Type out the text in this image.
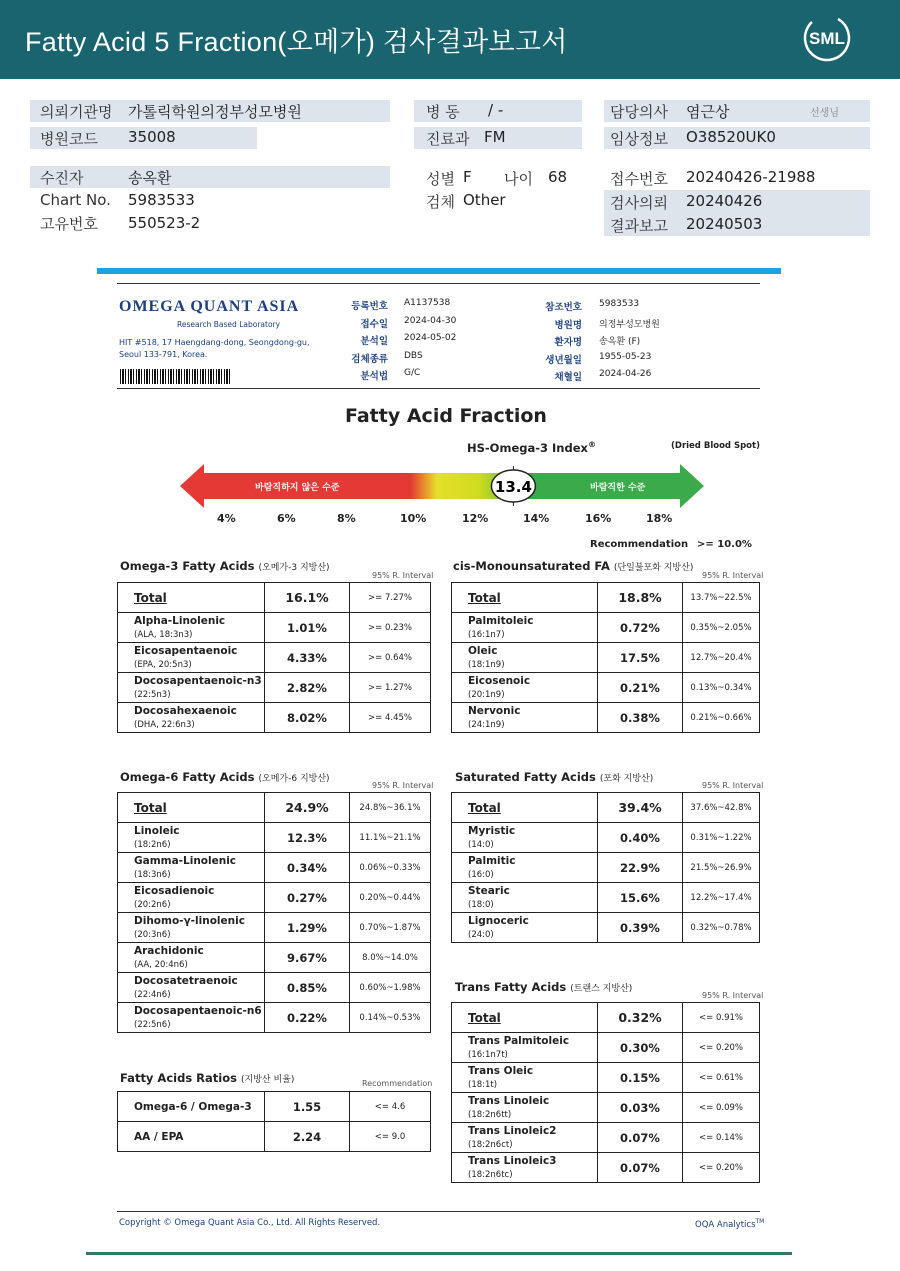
Fatty Acid 5 Fraction(오메가) 검사결과보고서	SML
의뢰기관명 가톨릭학원의정부성모병원
병원코드 35008
수진자	송옥환
Chart No. 5983533
고유번호 550523-2
병 동 / -
진료과 FM
성별 F 나이 68
검체 Other
담당의사 염근상	선생님
임상정보 O38520UK0
접수번호 20240426-21988
검사의뢰 20240426
결과보고 20240503
OMEGA QUANT ASIA
Research Based Laboratory
HIT #518, 17 Haengdang-dong, Seongdong-gu,
Seoul 133-791, Korea.
등록번호 A1137538
접수일 2024-04-30
분석일 2024-05-02
검체종류 DBS
분석법 G/C
참조번호 5983533
병원명 의정부성모병원
환자명 송옥환 (F)
생년월일 1955-05-23
채혈일 2024-04-26
Fatty Acid Fraction
HS-Omega-3 Index®	(Dried Blood Spot)
바람직하지 않은 수준	바람직한 수준
13.4
4%	6%	8%	10%	12%	14%	16%	18%
Recommendation >= 10.0%
Omega-3 Fatty Acids (오메가-3 지방산)
95% R. Interval
Total	16.1%	>= 7.27%

Alpha-Linolenic
(ALA, 18:3n3)	1.01%	>= 0.23%

Eicosapentaenoic
(EPA, 20:5n3)	4.33%	>= 0.64%

Docosapentaenoic-n3
(22:5n3)	2.82%	>= 1.27%

Docosahexaenoic
(DHA, 22:6n3)	8.02%	>= 4.45%
cis-Monounsaturated FA (단일불포화 지방산)
95% R. Interval
Total	18.8%	13.7%~22.5%

Palmitoleic
(16:1n7)	0.72%	0.35%~2.05%

Oleic
(18:1n9)	17.5%	12.7%~20.4%

Eicosenoic
(20:1n9)	0.21%	0.13%~0.34%

Nervonic
(24:1n9)	0.38%	0.21%~0.66%
Omega-6 Fatty Acids (오메가-6 지방산)
95% R. Interval
Total	24.9%	24.8%~36.1%

Linoleic
(18:2n6)	12.3%	11.1%~21.1%

Gamma-Linolenic
(18:3n6)	0.34%	0.06%~0.33%

Eicosadienoic
(20:2n6)	0.27%	0.20%~0.44%

Dihomo-γ-linolenic
(20:3n6)	1.29%	0.70%~1.87%

Arachidonic
(AA, 20:4n6)	9.67%	8.0%~14.0%

Docosatetraenoic
(22:4n6)	0.85%	0.60%~1.98%

Docosapentaenoic-n6
(22:5n6)	0.22%	0.14%~0.53%
Saturated Fatty Acids (포화 지방산)
95% R. Interval
Total	39.4%	37.6%~42.8%

Myristic
(14:0)	0.40%	0.31%~1.22%

Palmitic
(16:0)	22.9%	21.5%~26.9%

Stearic
(18:0)	15.6%	12.2%~17.4%

Lignoceric
(24:0)	0.39%	0.32%~0.78%
Trans Fatty Acids (트랜스 지방산)
95% R. Interval
Total	0.32%	<= 0.91%

Trans Palmitoleic
(16:1n7t)	0.30%	<= 0.20%

Trans Oleic
(18:1t)	0.15%	<= 0.61%

Trans Linoleic
(18:2n6tt)	0.03%	<= 0.09%

Trans Linoleic2
(18:2n6ct)	0.07%	<= 0.14%

Trans Linoleic3
(18:2n6tc)	0.07%	<= 0.20%
Fatty Acids Ratios (지방산 비율)	Recommendation
Omega-6 / Omega-3	1.55	<= 4.6

AA / EPA	2.24	<= 9.0
Copyright © Omega Quant Asia Co., Ltd. All Rights Reserved.	OQA Analytics™
